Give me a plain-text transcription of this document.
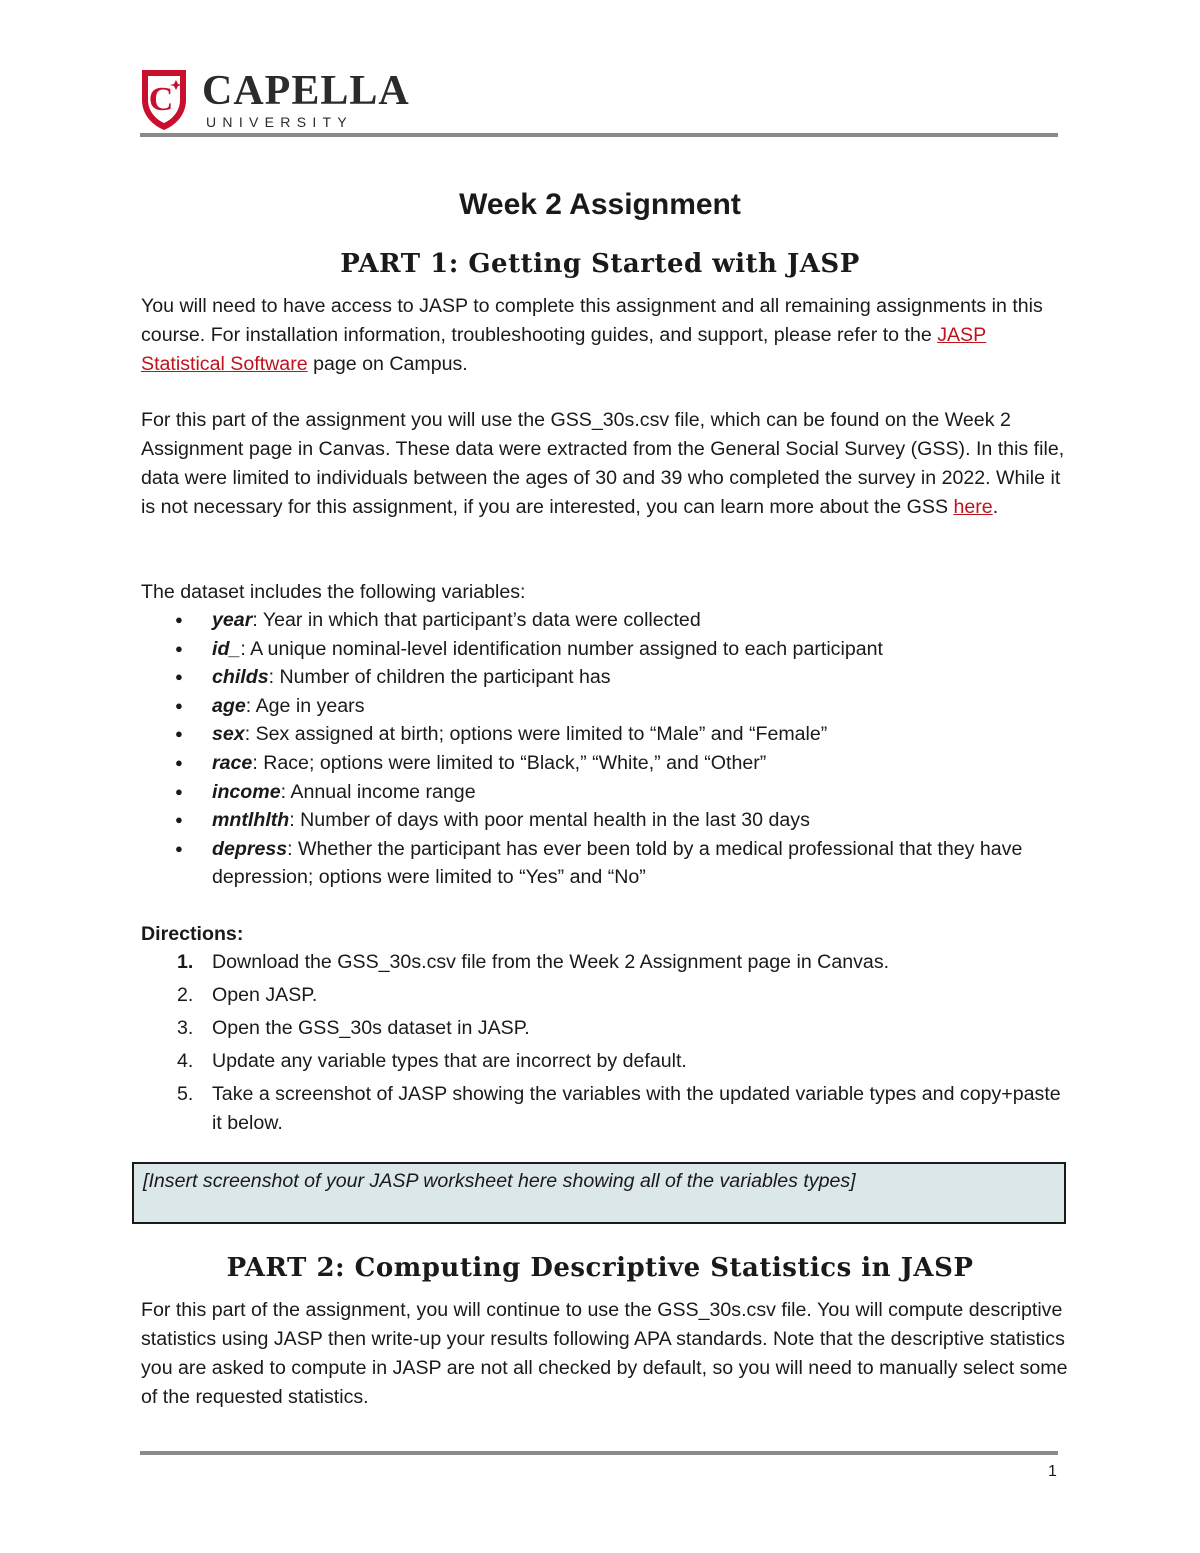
C CAPELLA
UNIVERSITY
Week 2 Assignment
PART 1: Getting Started with JASP

You will need to have access to JASP to complete this assignment and all remaining assignments in this course. For installation information, troubleshooting guides, and support, please refer to the JASP Statistical Software page on Campus.

For this part of the assignment you will use the GSS_30s.csv file, which can be found on the Week 2 Assignment page in Canvas. These data were extracted from the General Social Survey (GSS). In this file, data were limited to individuals between the ages of 30 and 39 who completed the survey in 2022. While it is not necessary for this assignment, if you are interested, you can learn more about the GSS here.

The dataset includes the following variables:

● year: Year in which that participant’s data were collected
● id_: A unique nominal-level identification number assigned to each participant
● childs: Number of children the participant has
● age: Age in years
● sex: Sex assigned at birth; options were limited to “Male” and “Female”
● race: Race; options were limited to “Black,” “White,” and “Other”
● income: Annual income range
● mntlhlth: Number of days with poor mental health in the last 30 days
● depress: Whether the participant has ever been told by a medical professional that they have depression; options were limited to “Yes” and “No”
Directions:
1. Download the GSS_30s.csv file from the Week 2 Assignment page in Canvas.
2. Open JASP.
3. Open the GSS_30s dataset in JASP.
4. Update any variable types that are incorrect by default.
5. Take a screenshot of JASP showing the variables with the updated variable types and copy+paste it below.
[Insert screenshot of your JASP worksheet here showing all of the variables types]
PART 2: Computing Descriptive Statistics in JASP

For this part of the assignment, you will continue to use the GSS_30s.csv file. You will compute descriptive statistics using JASP then write-up your results following APA standards. Note that the descriptive statistics you are asked to compute in JASP are not all checked by default, so you will need to manually select some of the requested statistics.

1
